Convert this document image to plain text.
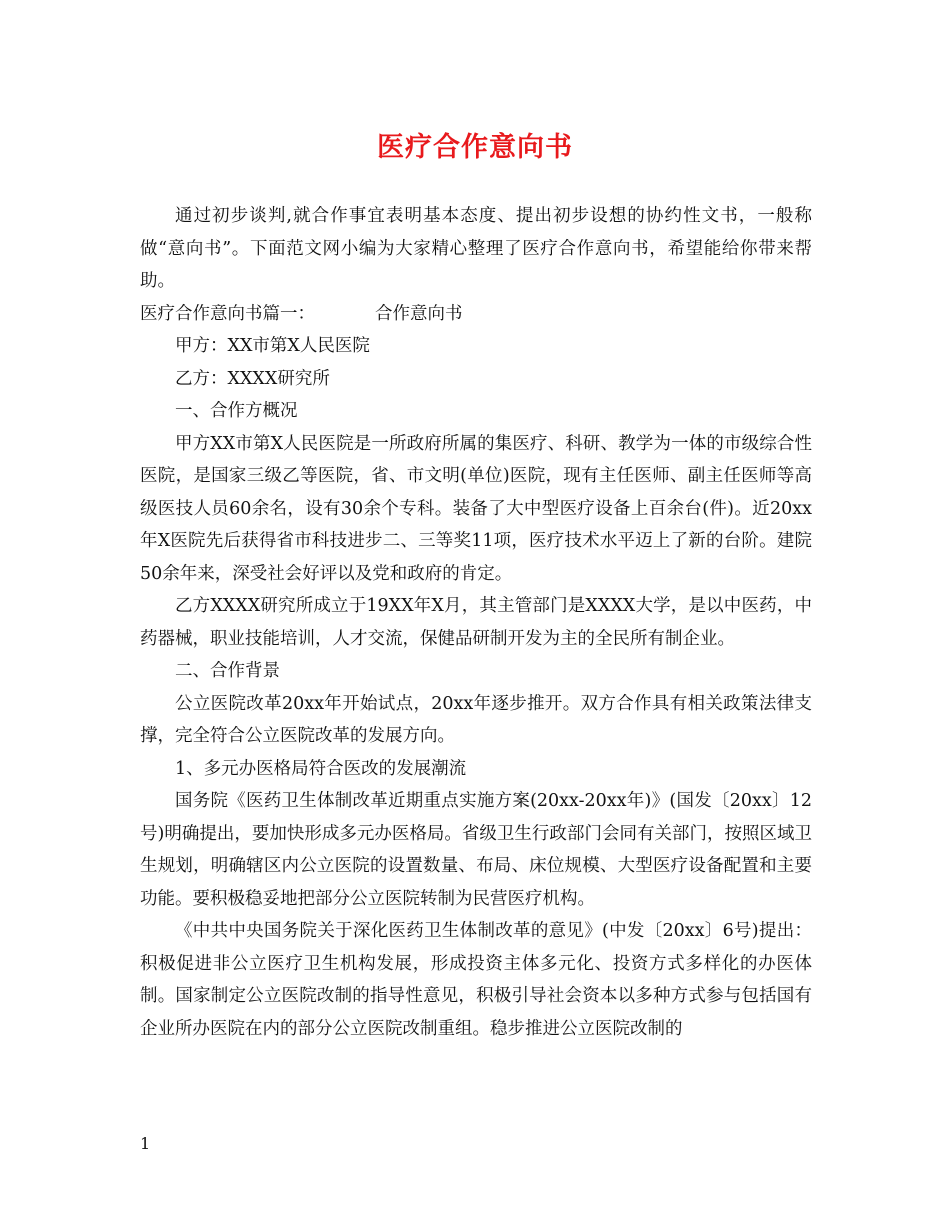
医疗合作意向书

通过初步谈判,就合作事宜表明基本态度、提出初步设想的协约性文书，一般称做“意向书”。下面范文网小编为大家精心整理了医疗合作意向书，希望能给你带来帮助。

医疗合作意向书篇一：	合作意向书

甲方：XX市第X人民医院

乙方：XXXX研究所

一、合作方概况

甲方XX市第X人民医院是一所政府所属的集医疗、科研、教学为一体的市级综合性医院，是国家三级乙等医院，省、市文明(单位)医院，现有主任医师、副主任医师等高级医技人员60余名，设有30余个专科。装备了大中型医疗设备上百余台(件)。近20xx年X医院先后获得省市科技进步二、三等奖11项，医疗技术水平迈上了新的台阶。建院50余年来，深受社会好评以及党和政府的肯定。

乙方XXXX研究所成立于19XX年X月，其主管部门是XXXX大学，是以中医药，中药器械，职业技能培训，人才交流，保健品研制开发为主的全民所有制企业。

二、合作背景

公立医院改革20xx年开始试点，20xx年逐步推开。双方合作具有相关政策法律支撑，完全符合公立医院改革的发展方向。

1、多元办医格局符合医改的发展潮流

国务院《医药卫生体制改革近期重点实施方案(20xx-20xx年)》(国发〔20xx〕12号)明确提出，要加快形成多元办医格局。省级卫生行政部门会同有关部门，按照区域卫生规划，明确辖区内公立医院的设置数量、布局、床位规模、大型医疗设备配置和主要功能。要积极稳妥地把部分公立医院转制为民营医疗机构。

《中共中央国务院关于深化医药卫生体制改革的意见》(中发〔20xx〕6号)提出：积极促进非公立医疗卫生机构发展，形成投资主体多元化、投资方式多样化的办医体制。国家制定公立医院改制的指导性意见，积极引导社会资本以多种方式参与包括国有企业所办医院在内的部分公立医院改制重组。稳步推进公立医院改制的

1
